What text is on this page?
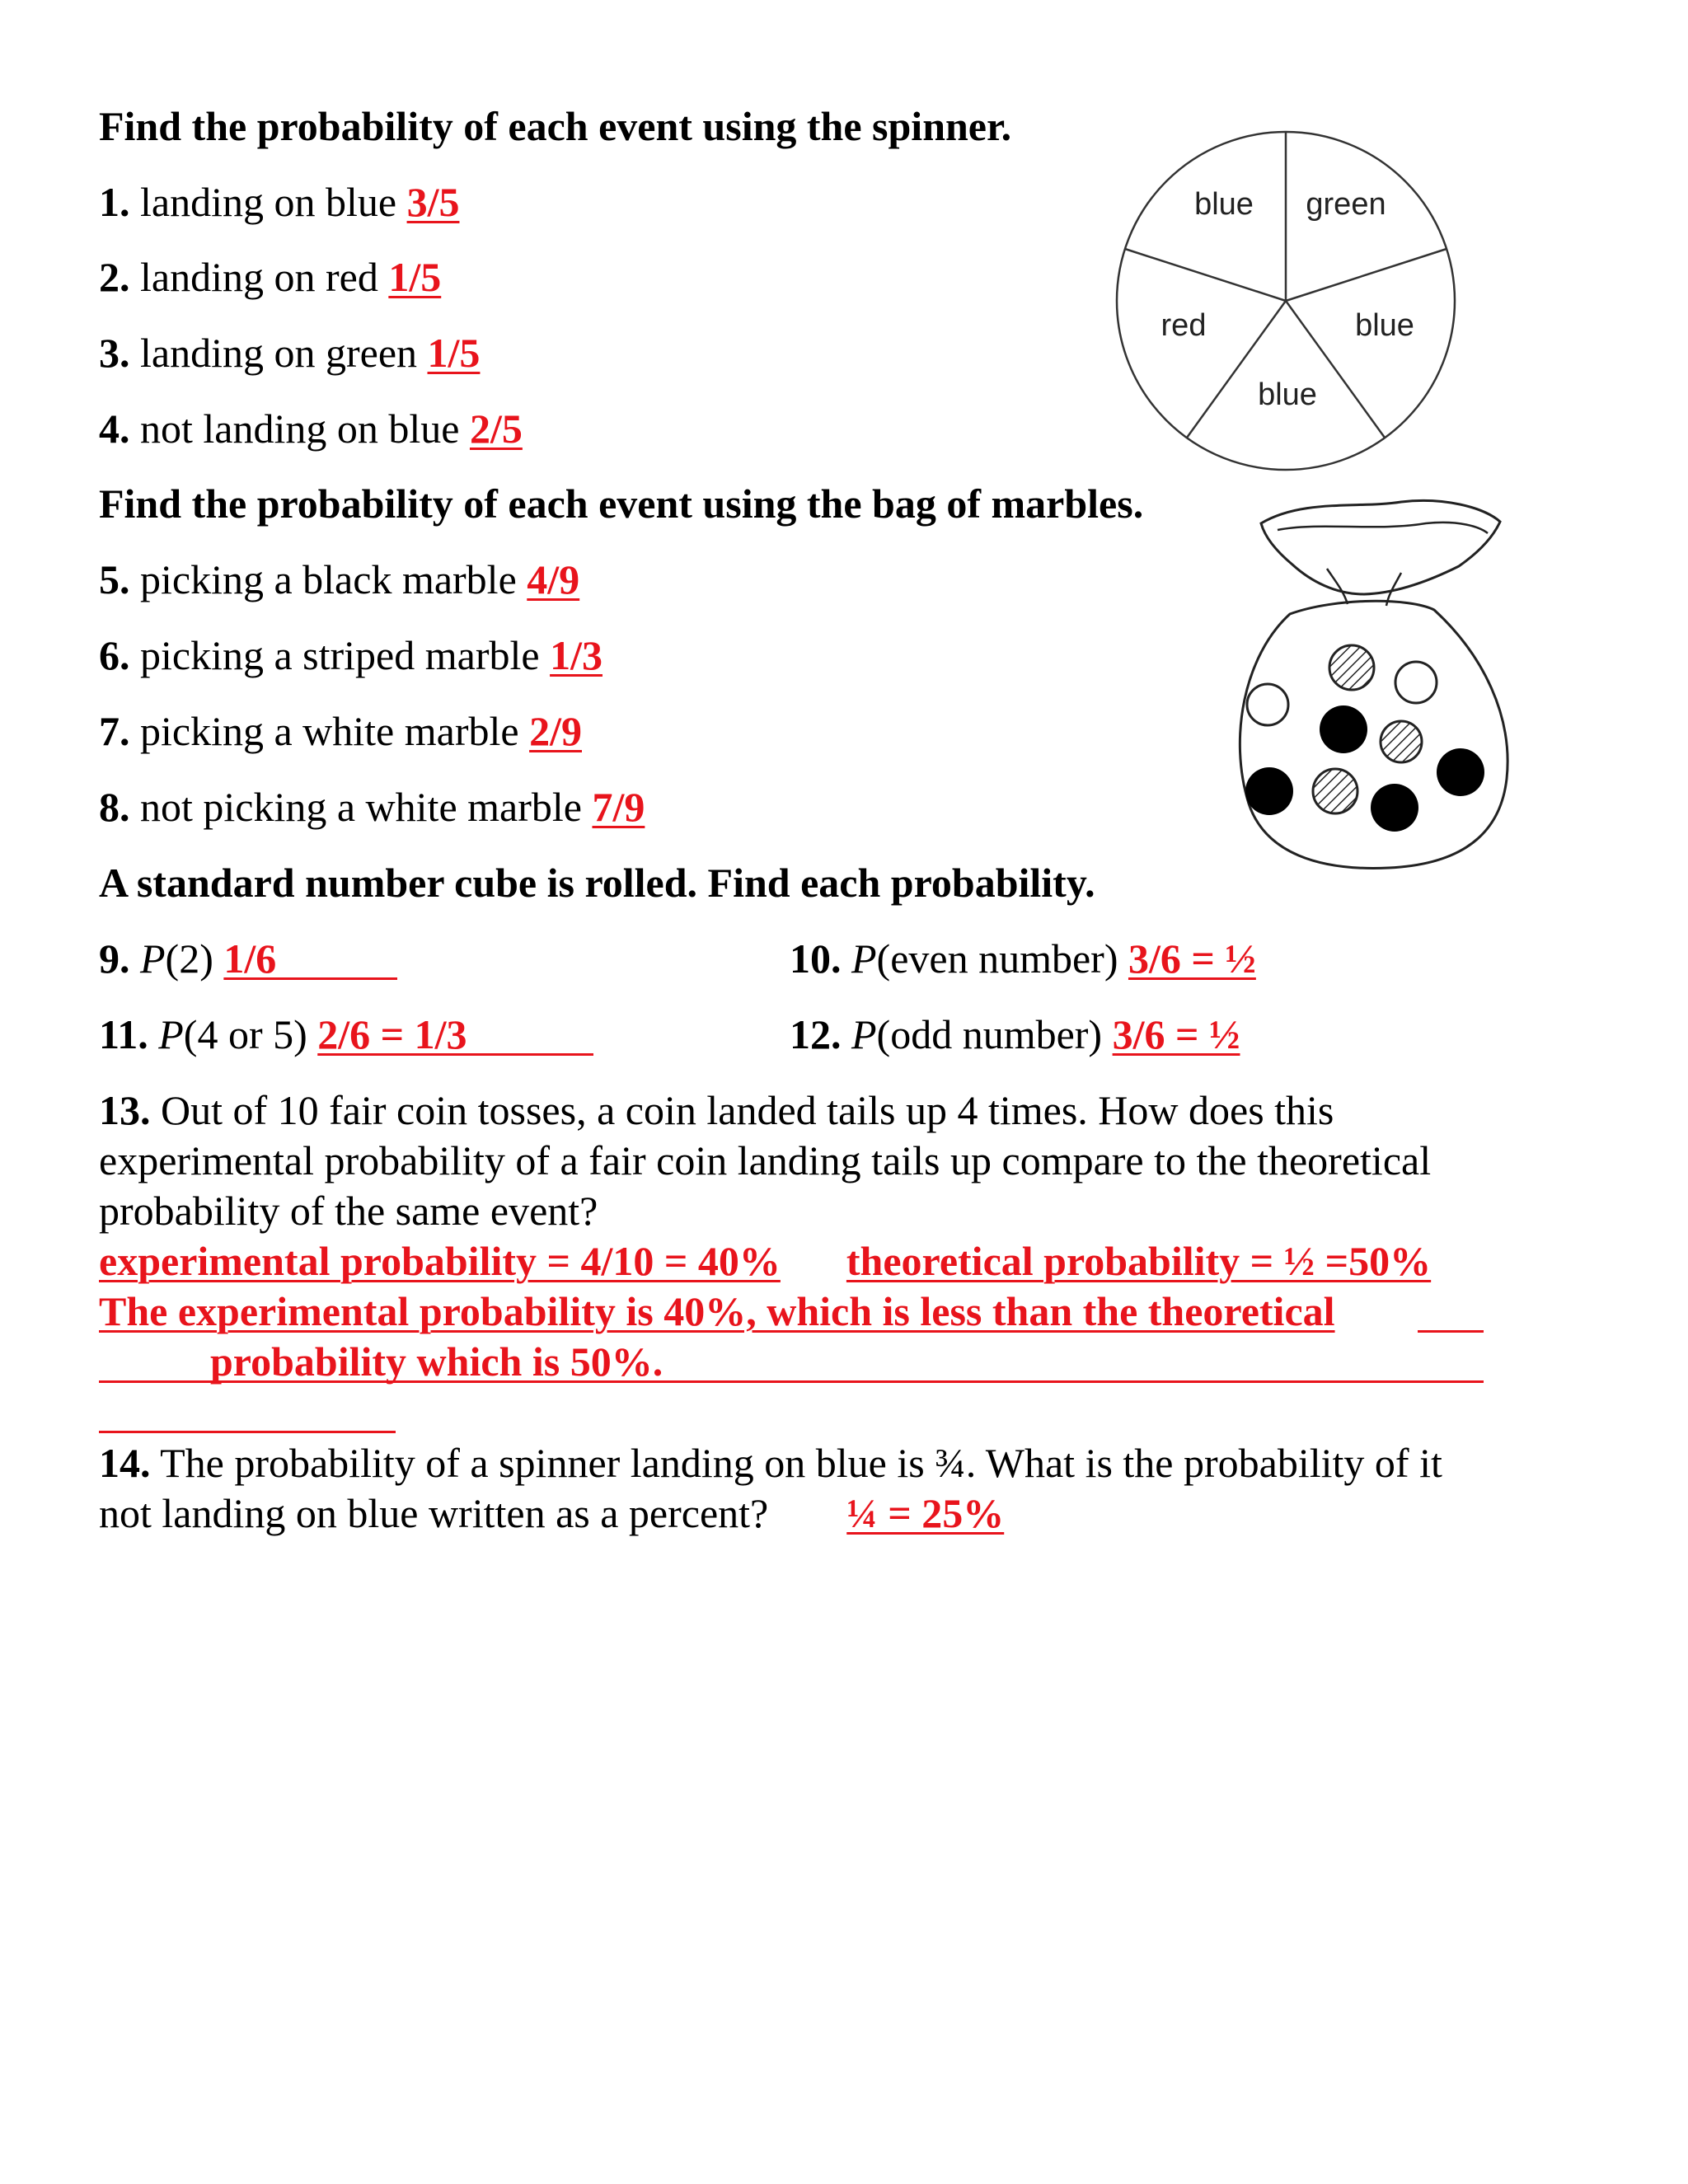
Find the probability of each event using the spinner.
1. landing on blue 3/5
2. landing on red 1/5
3. landing on green 1/5
4. not landing on blue 2/5
blue green
blue
blue
red
Find the probability of each event using the bag of marbles.
5. picking a black marble 4/9
6. picking a striped marble 1/3
7. picking a white marble 2/9
8. not picking a white marble 7/9
A standard number cube is rolled. Find each probability.
9. P(2) 1/6	10. P(even number) 3/6 = ½
11. P(4 or 5) 2/6 = 1/3	12. P(odd number) 3/6 = ½
13. Out of 10 fair coin tosses, a coin landed tails up 4 times. How does this
experimental probability of a fair coin landing tails up compare to the theoretical
probability of the same event?
experimental probability = 4/10 = 40% theoretical probability = ½ =50%
The experimental probability is 40%, which is less than the theoretical
probability which is 50%.
14. The probability of a spinner landing on blue is ¾. What is the probability of it
not landing on blue written as a percent? ¼ = 25%
